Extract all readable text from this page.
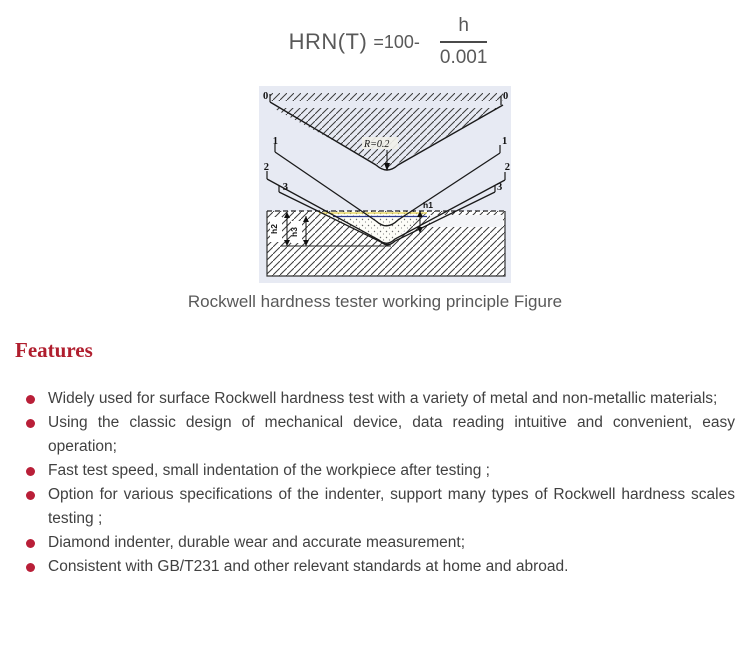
$HRN(T) =100- \frac{h}{0.001}$
0
1
2
3
0
1
2
3
R=0.2
h1
h2 h3
Rockwell hardness tester working principle Figure
Features
Widely used for surface Rockwell hardness test with a variety of metal and non-metallic materials;
Using the classic design of mechanical device, data reading intuitive and convenient, easy operation;
Fast test speed, small indentation of the workpiece after testing ;
Option for various specifications of the indenter, support many types of Rockwell hardness scales testing ;
Diamond indenter, durable wear and accurate measurement;
Consistent with GB/T231 and other relevant standards at home and abroad.
